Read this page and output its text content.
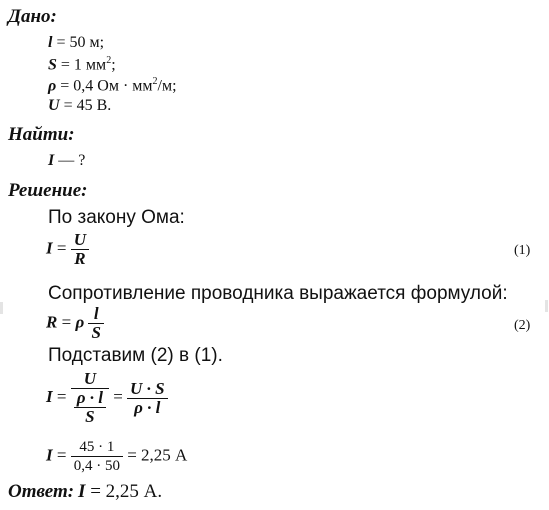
Дано:
l = 50 м;
S = 1 $мм^2$;
ρ = 0,4 Ом · $мм^2/м$;
U = 45 В.
Найти:
I — ?
Решение:
По закону Ома:
$I = \frac{U}{R}$	(1)
Сопротивление проводника выражается формулой:
R = ρ $\frac{l}{S}$	(2)
Подставим (2) в (1).
$I = \frac{U}{\frac{\rho \cdot l}{S}} = \frac{U \cdot S}{\rho \cdot l}$
$I = \frac{45 \cdot 1}{0,4 \cdot 50} = 2,25$ А
Ответ: I = 2,25 А.
